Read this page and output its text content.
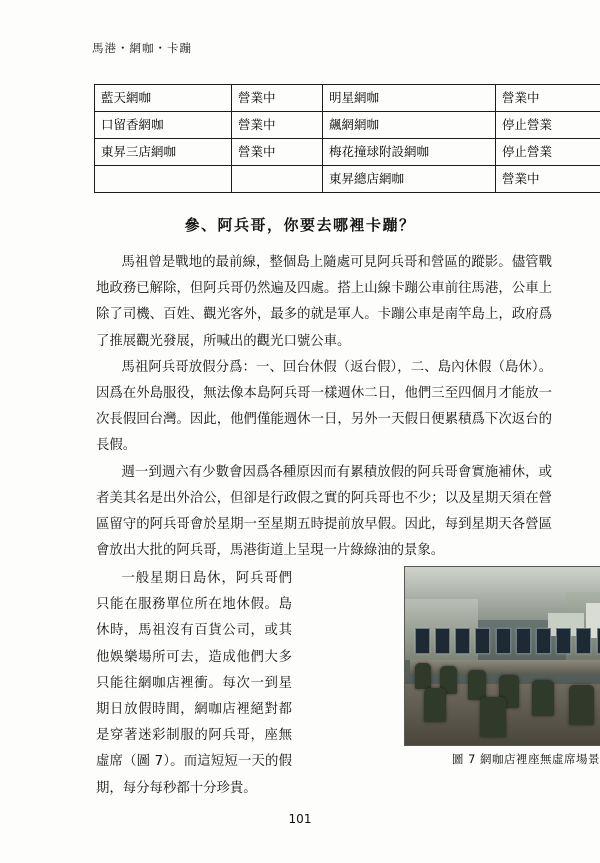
馬港・網咖・卡蹦
藍天網咖	營業中	明星網咖	營業中
口留香網咖	營業中	飆網網咖	停止營業
東昇三店網咖	營業中	梅花撞球附設網咖	停止營業
		東昇總店網咖	營業中
參、阿兵哥，你要去哪裡卡蹦？

馬祖曾是戰地的最前線，整個島上隨處可見阿兵哥和營區的蹤影。儘管戰地政務已解除，但阿兵哥仍然遍及四處。搭上山線卡蹦公車前往馬港，公車上除了司機、百姓、觀光客外，最多的就是軍人。卡蹦公車是南竿島上，政府爲了推展觀光發展，所喊出的觀光口號公車。

馬祖阿兵哥放假分爲：一、回台休假（返台假），二、島內休假（島休）。因爲在外島服役，無法像本島阿兵哥一樣週休二日，他們三至四個月才能放一次長假回台灣。因此，他們僅能週休一日，另外一天假日便累積爲下次返台的長假。

週一到週六有少數會因爲各種原因而有累積放假的阿兵哥會實施補休，或者美其名是出外洽公，但卻是行政假之實的阿兵哥也不少；以及星期天須在營區留守的阿兵哥會於星期一至星期五時提前放早假。因此，每到星期天各營區會放出大批的阿兵哥，馬港街道上呈現一片綠綠油的景象。

一般星期日島休，阿兵哥們只能在服務單位所在地休假。島休時，馬祖沒有百貨公司，或其他娛樂場所可去，造成他們大多只能往網咖店裡衝。每次一到星期日放假時間，網咖店裡絕對都是穿著迷彩制服的阿兵哥，座無虛席（圖 7）。而這短短一天的假期，每分每秒都十分珍貴。

圖 7 網咖店裡座無虛席場景
101
